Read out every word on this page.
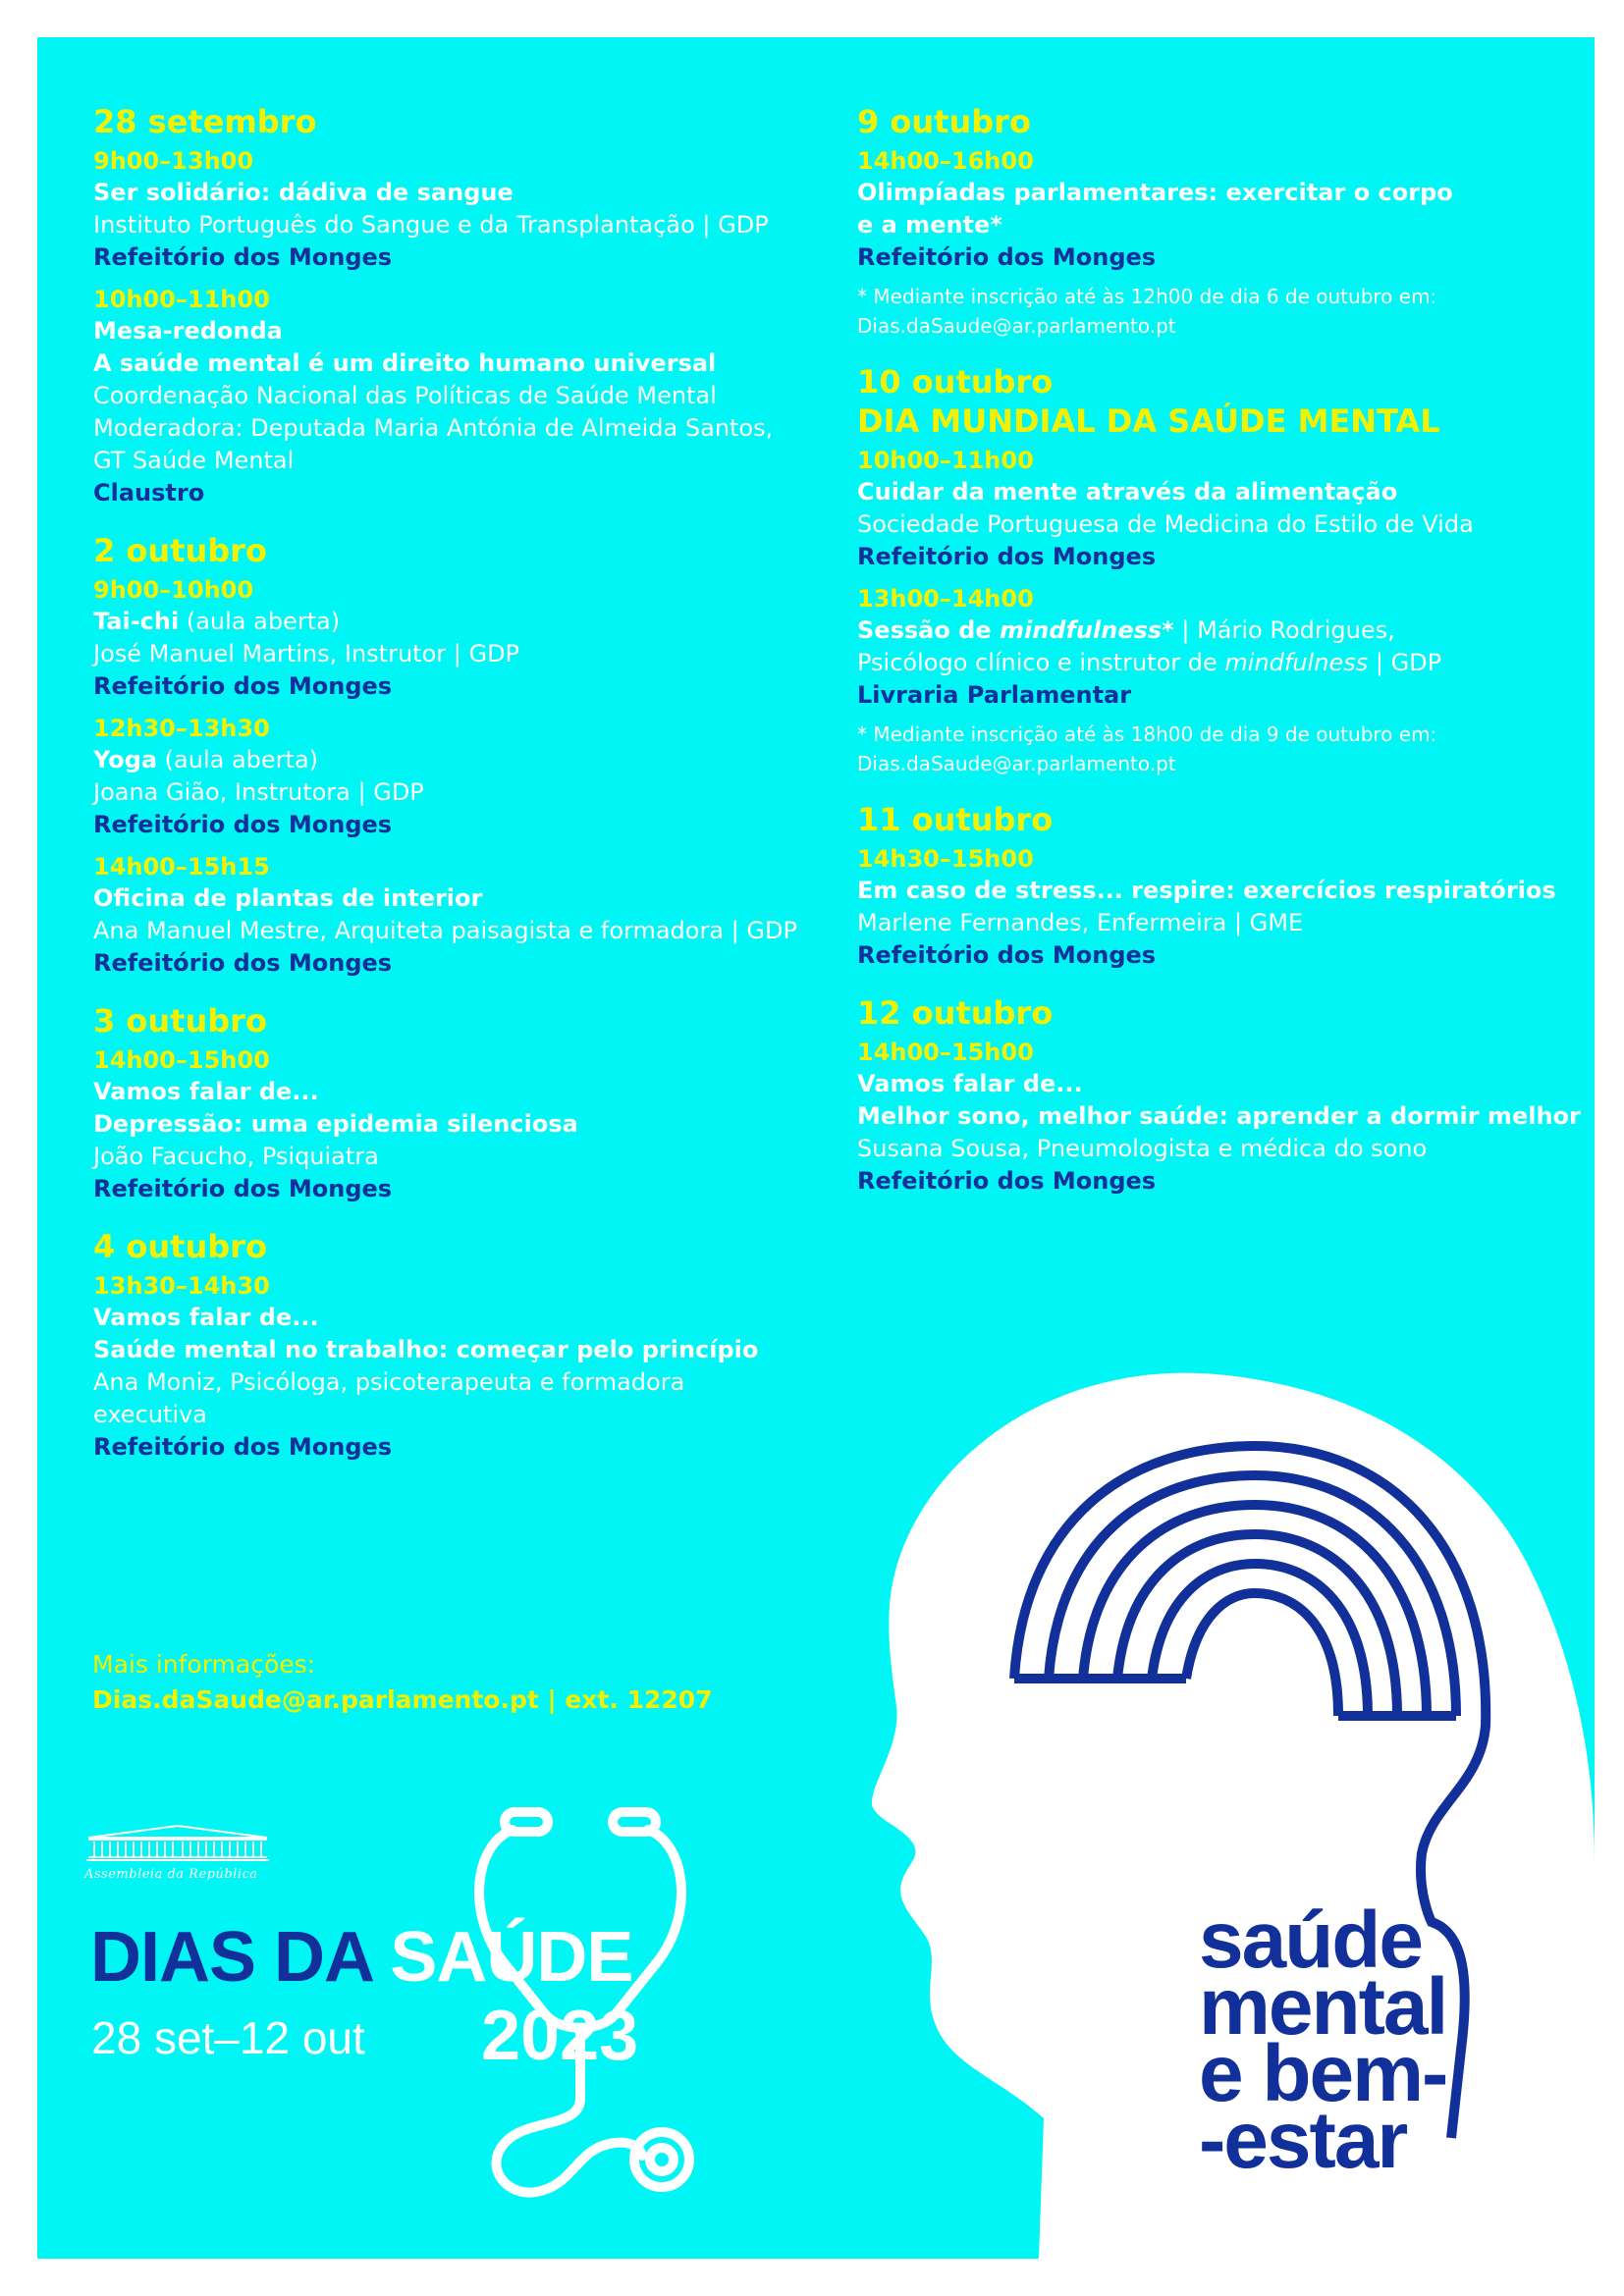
28 setembro
9h00–13h00
Ser solidário: dádiva de sangue
Instituto Português do Sangue e da Transplantação | GDP
Refeitório dos Monges
10h00–11h00
Mesa-redonda
A saúde mental é um direito humano universal
Coordenação Nacional das Políticas de Saúde Mental
Moderadora: Deputada Maria Antónia de Almeida Santos,
GT Saúde Mental
Claustro
2 outubro
9h00–10h00
Tai-chi (aula aberta)
José Manuel Martins, Instrutor | GDP
Refeitório dos Monges
12h30–13h30
Yoga (aula aberta)
Joana Gião, Instrutora | GDP
Refeitório dos Monges
14h00–15h15
Oficina de plantas de interior
Ana Manuel Mestre, Arquiteta paisagista e formadora | GDP
Refeitório dos Monges
3 outubro
14h00–15h00
Vamos falar de...
Depressão: uma epidemia silenciosa
João Facucho, Psiquiatra
Refeitório dos Monges
4 outubro
13h30–14h30
Vamos falar de...
Saúde mental no trabalho: começar pelo princípio
Ana Moniz, Psicóloga, psicoterapeuta e formadora
executiva
Refeitório dos Monges
9 outubro
14h00–16h00
Olimpíadas parlamentares: exercitar o corpo
e a mente*
Refeitório dos Monges
* Mediante inscrição até às 12h00 de dia 6 de outubro em:
Dias.daSaude@ar.parlamento.pt
10 outubro
DIA MUNDIAL DA SAÚDE MENTAL
10h00–11h00
Cuidar da mente através da alimentação
Sociedade Portuguesa de Medicina do Estilo de Vida
Refeitório dos Monges
13h00–14h00
Sessão de mindfulness* | Mário Rodrigues,
Psicólogo clínico e instrutor de mindfulness | GDP
Livraria Parlamentar
* Mediante inscrição até às 18h00 de dia 9 de outubro em:
Dias.daSaude@ar.parlamento.pt
11 outubro
14h30–15h00
Em caso de stress... respire: exercícios respiratórios
Marlene Fernandes, Enfermeira | GME
Refeitório dos Monges
12 outubro
14h00–15h00
Vamos falar de...
Melhor sono, melhor saúde: aprender a dormir melhor
Susana Sousa, Pneumologista e médica do sono
Refeitório dos Monges
Mais informações:
Dias.daSaude@ar.parlamento.pt | ext. 12207
Assembleia da República
saúde
mental
e bem-
-estar
DIAS DA SAÚDE
28 set–12 out 2023
